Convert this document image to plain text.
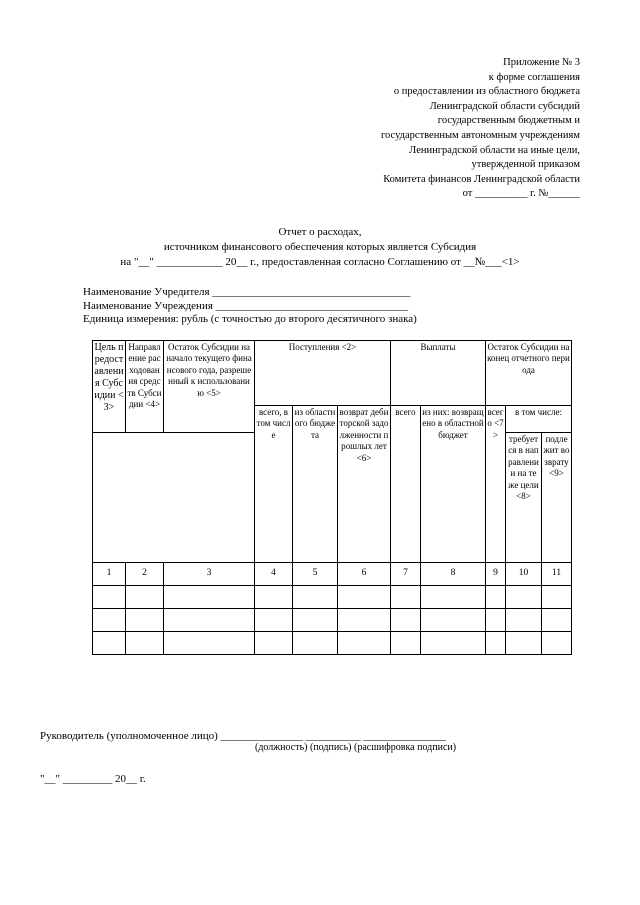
Приложение № 3
к форме соглашения
о предоставлении из областного бюджета
Ленинградской области субсидий
государственным бюджетным и
государственным автономным учреждениям
Ленинградской области на иные цели,
утвержденной приказом
Комитета финансов Ленинградской области
от __________ г. №______
Отчет о расходах,
источником финансового обеспечения которых является Субсидия
на "__" ____________ 20__ г., предоставленная согласно Соглашению от __№___<1>
Наименование Учредителя ____________________________________
Наименование Учреждения ___________________________________
Единица измерения: рубль (с точностью до второго десятичного знака)
Цель предоставления Субсидии <3>	Направление расходования средств Субсидии <4>	Остаток Субсидии на начало текущего финансового года, разрешенный к использованию <5>	Поступления <2>			Выплаты		Остаток Субсидии на конец отчетного периода		
			всего, в том числе	из областного бюджета	возврат дебиторской задолженности прошлых лет <6>	всего	из них: возвращено в областной бюджет	всего <7>	в том числе:	
									требуется в направлении на те же цели <8>	подлежит возврату <9>
1	2	3	4	5	6	7	8	9	10	11

Руководитель (уполномоченное лицо) _______________ __________ _______________
(должность) (подпись) (расшифровка подписи)
"__" _________ 20__ г.
